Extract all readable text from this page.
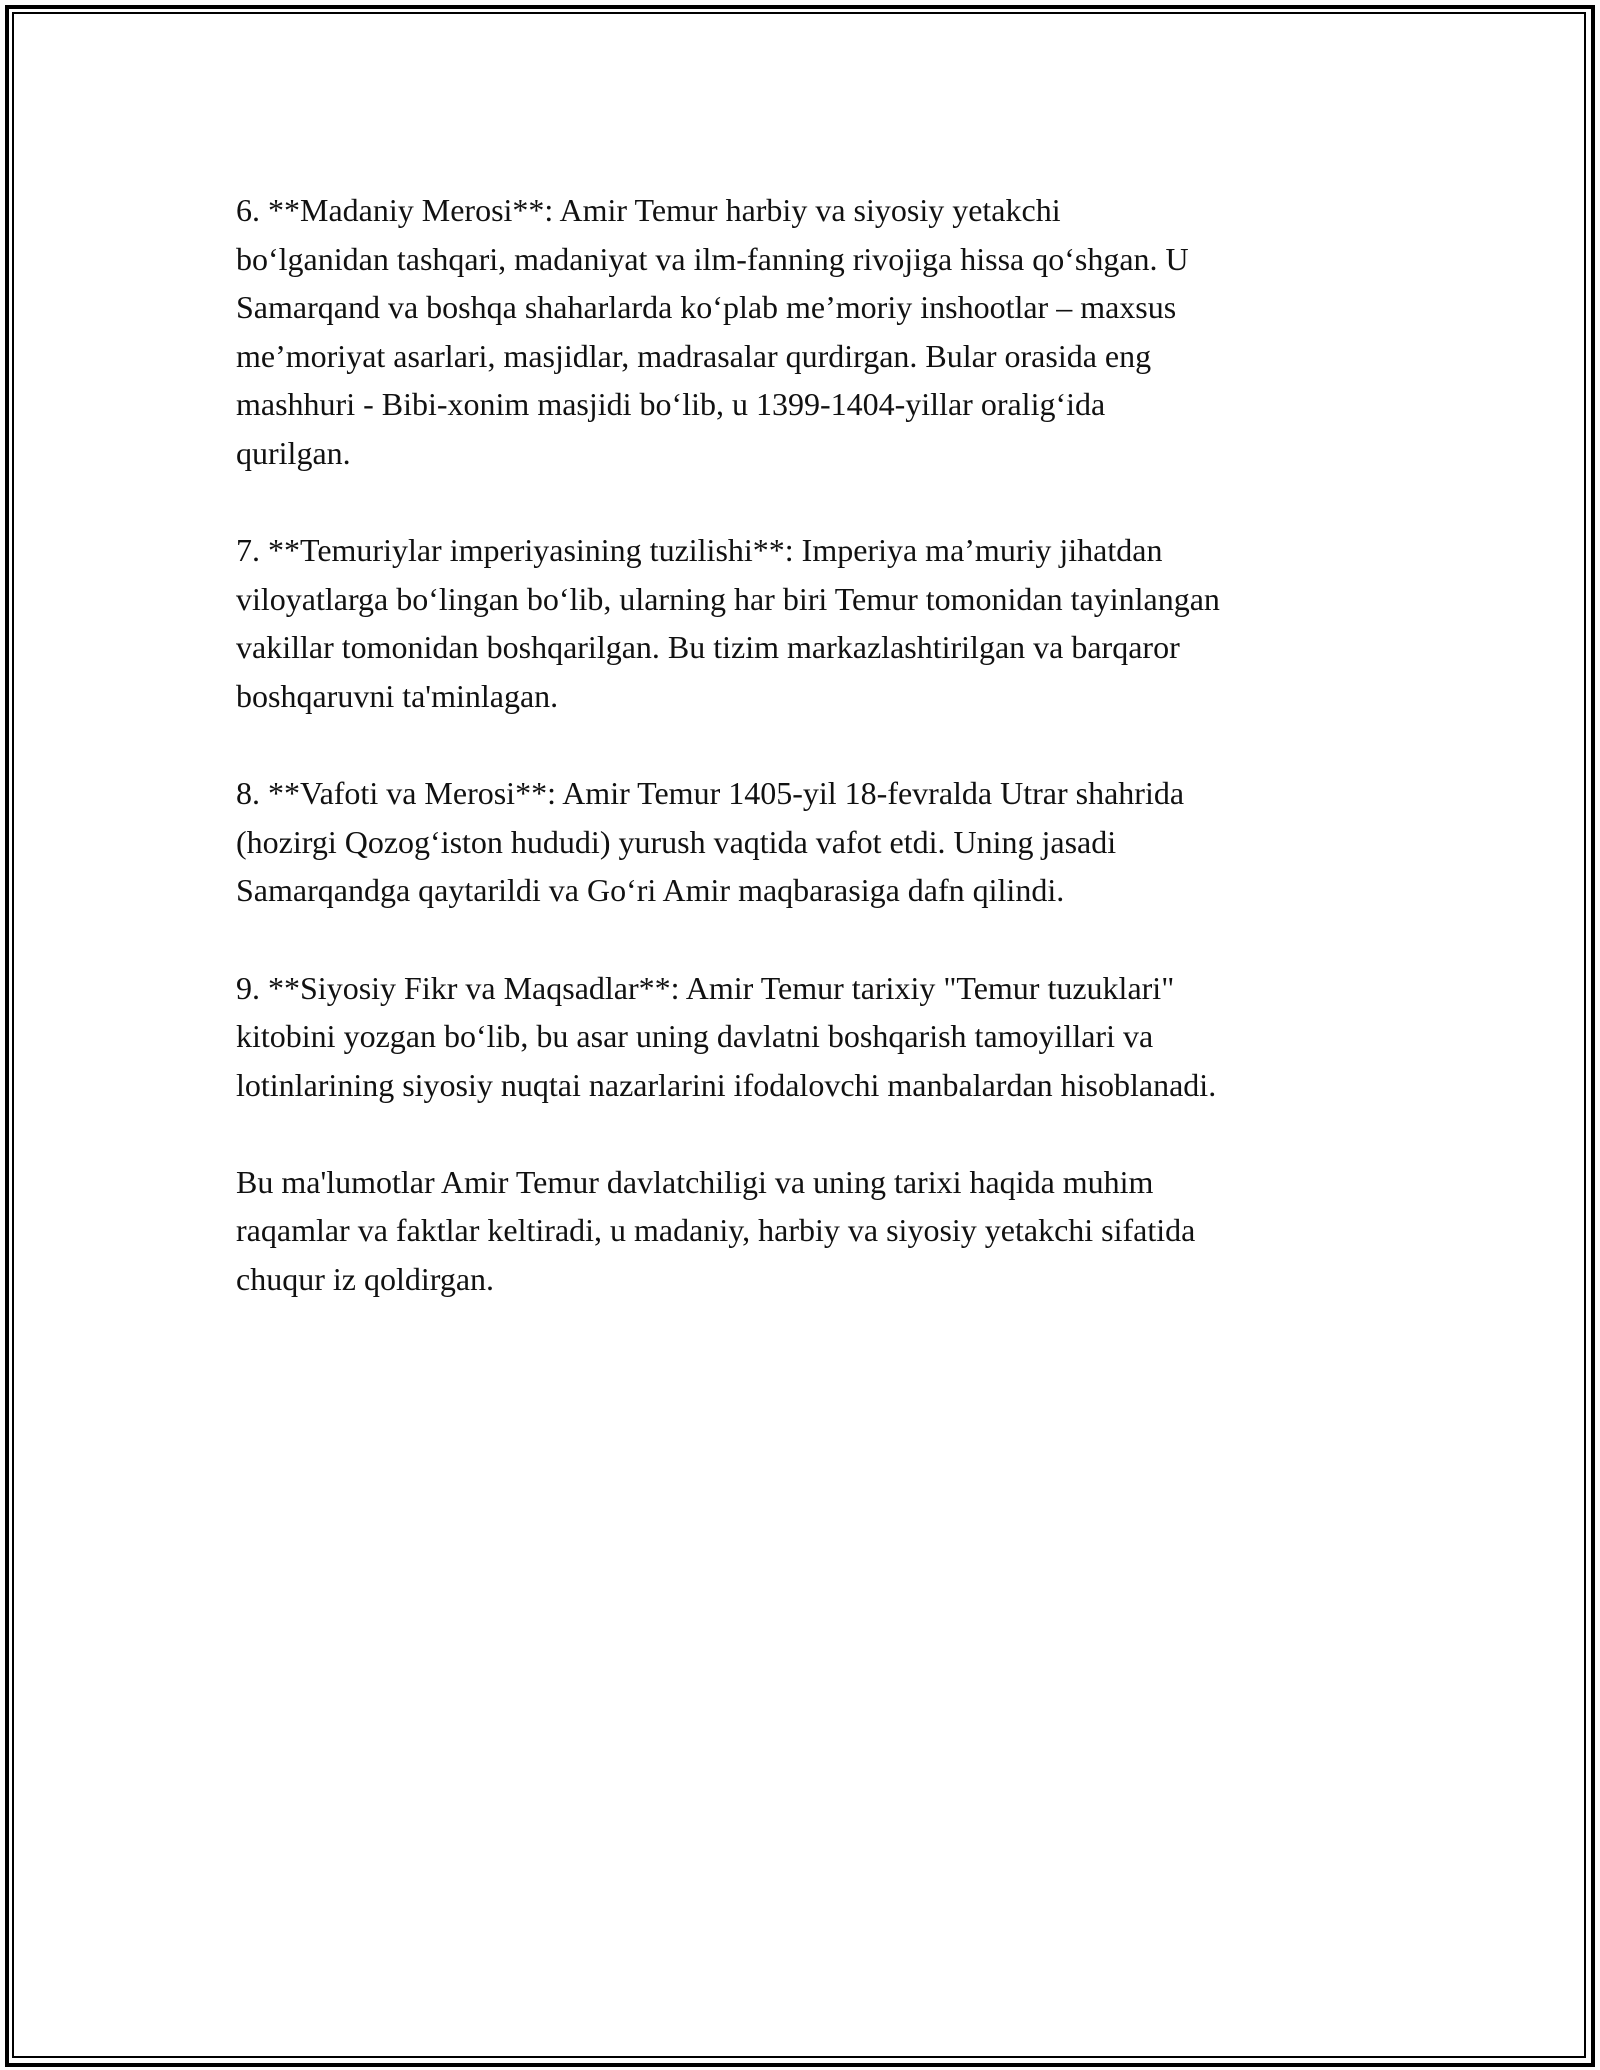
6. **Madaniy Merosi**: Amir Temur harbiy va siyosiy yetakchi
bo‘lganidan tashqari, madaniyat va ilm-fanning rivojiga hissa qo‘shgan. U
Samarqand va boshqa shaharlarda ko‘plab me’moriy inshootlar – maxsus
me’moriyat asarlari, masjidlar, madrasalar qurdirgan. Bular orasida eng
mashhuri - Bibi-xonim masjidi bo‘lib, u 1399-1404-yillar oralig‘ida
qurilgan.

7. **Temuriylar imperiyasining tuzilishi**: Imperiya ma’muriy jihatdan
viloyatlarga bo‘lingan bo‘lib, ularning har biri Temur tomonidan tayinlangan
vakillar tomonidan boshqarilgan. Bu tizim markazlashtirilgan va barqaror
boshqaruvni ta'minlagan.

8. **Vafoti va Merosi**: Amir Temur 1405-yil 18-fevralda Utrar shahrida
(hozirgi Qozog‘iston hududi) yurush vaqtida vafot etdi. Uning jasadi
Samarqandga qaytarildi va Go‘ri Amir maqbarasiga dafn qilindi.

9. **Siyosiy Fikr va Maqsadlar**: Amir Temur tarixiy "Temur tuzuklari"
kitobini yozgan bo‘lib, bu asar uning davlatni boshqarish tamoyillari va
lotinlarining siyosiy nuqtai nazarlarini ifodalovchi manbalardan hisoblanadi.

Bu ma'lumotlar Amir Temur davlatchiligi va uning tarixi haqida muhim
raqamlar va faktlar keltiradi, u madaniy, harbiy va siyosiy yetakchi sifatida
chuqur iz qoldirgan.
